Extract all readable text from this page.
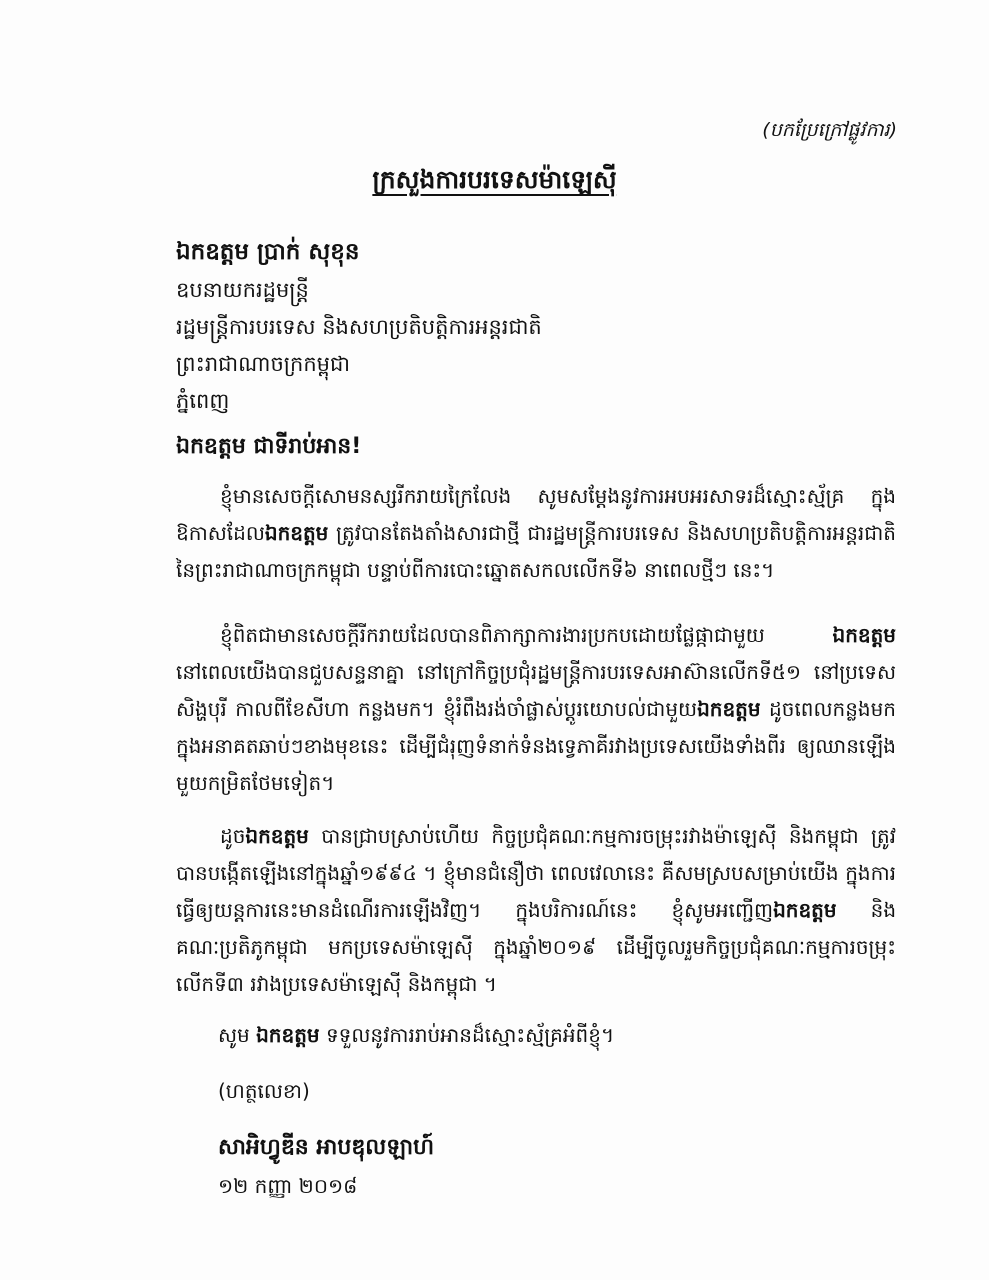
(បកប្រែក្រៅផ្លូវការ)
ក្រសួងការបរទេសម៉ាឡេស៊ី
ឯកឧត្តម ប្រាក់ សុខុន
ឧបនាយករដ្ឋមន្ត្រី
រដ្ឋមន្ត្រីការបរទេស និងសហប្រតិបត្តិការអន្តរជាតិ
ព្រះរាជាណាចក្រកម្ពុជា
ភ្នំពេញ
ឯកឧត្តម ជាទីរាប់អាន!
ខ្ញុំមានសេចក្តីសោមនស្សរីករាយក្រៃលែង សូមសម្តែងនូវការអបអរសាទរដ៏ស្មោះស្ម័គ្រ ក្នុងឱកាសដែលឯកឧត្តម ត្រូវបានតែងតាំងសារជាថ្មី ជារដ្ឋមន្ត្រីការបរទេស និងសហប្រតិបត្តិការអន្តរជាតិ នៃព្រះរាជាណាចក្រកម្ពុជា បន្ទាប់ពីការបោះឆ្នោតសកលលើកទី៦ នាពេលថ្មីៗ នេះ។
ខ្ញុំពិតជាមានសេចក្តីរីករាយដែលបានពិភាក្សាការងារប្រកបដោយផ្លែផ្កាជាមួយ ឯកឧត្តម នៅពេលយើងបានជួបសន្ទនាគ្នា នៅក្រៅកិច្ចប្រជុំរដ្ឋមន្ត្រីការបរទេសអាស៊ានលើកទី៥១ នៅប្រទេសសិង្ហបុរី កាលពីខែសីហា កន្លងមក។ ខ្ញុំរំពឹងរង់ចាំផ្លាស់ប្តូរយោបល់ជាមួយឯកឧត្តម ដូចពេលកន្លងមក ក្នុងអនាគតឆាប់ៗខាងមុខនេះ ដើម្បីជំរុញទំនាក់ទំនងទ្វេភាគីរវាងប្រទេសយើងទាំងពីរ ឲ្យឈានឡើងមួយកម្រិតថែមទៀត។
ដូចឯកឧត្តម បានជ្រាបស្រាប់ហើយ កិច្ចប្រជុំគណៈកម្មការចម្រុះរវាងម៉ាឡេស៊ី និងកម្ពុជា ត្រូវបានបង្កើតឡើងនៅក្នុងឆ្នាំ១៩៩៤ ។ ខ្ញុំមានជំនឿថា ពេលវេលានេះ គឺសមស្របសម្រាប់យើង ក្នុងការធ្វើឲ្យយន្តការនេះមានដំណើរការឡើងវិញ។ ក្នុងបរិការណ៍នេះ ខ្ញុំសូមអញ្ជើញឯកឧត្តម និងគណៈប្រតិភូកម្ពុជា មកប្រទេសម៉ាឡេស៊ី ក្នុងឆ្នាំ២០១៩ ដើម្បីចូលរួមកិច្ចប្រជុំគណៈកម្មការចម្រុះ លើកទី៣ រវាងប្រទេសម៉ាឡេស៊ី និងកម្ពុជា ។
សូម ឯកឧត្តម ទទួលនូវការរាប់អានដ៏ស្មោះស្ម័គ្រអំពីខ្ញុំ។
(ហត្ថលេខា)
សាអិហ្វូឌីន អាបឌុលឡាហ៍
១២ កញ្ញា ២០១៨
